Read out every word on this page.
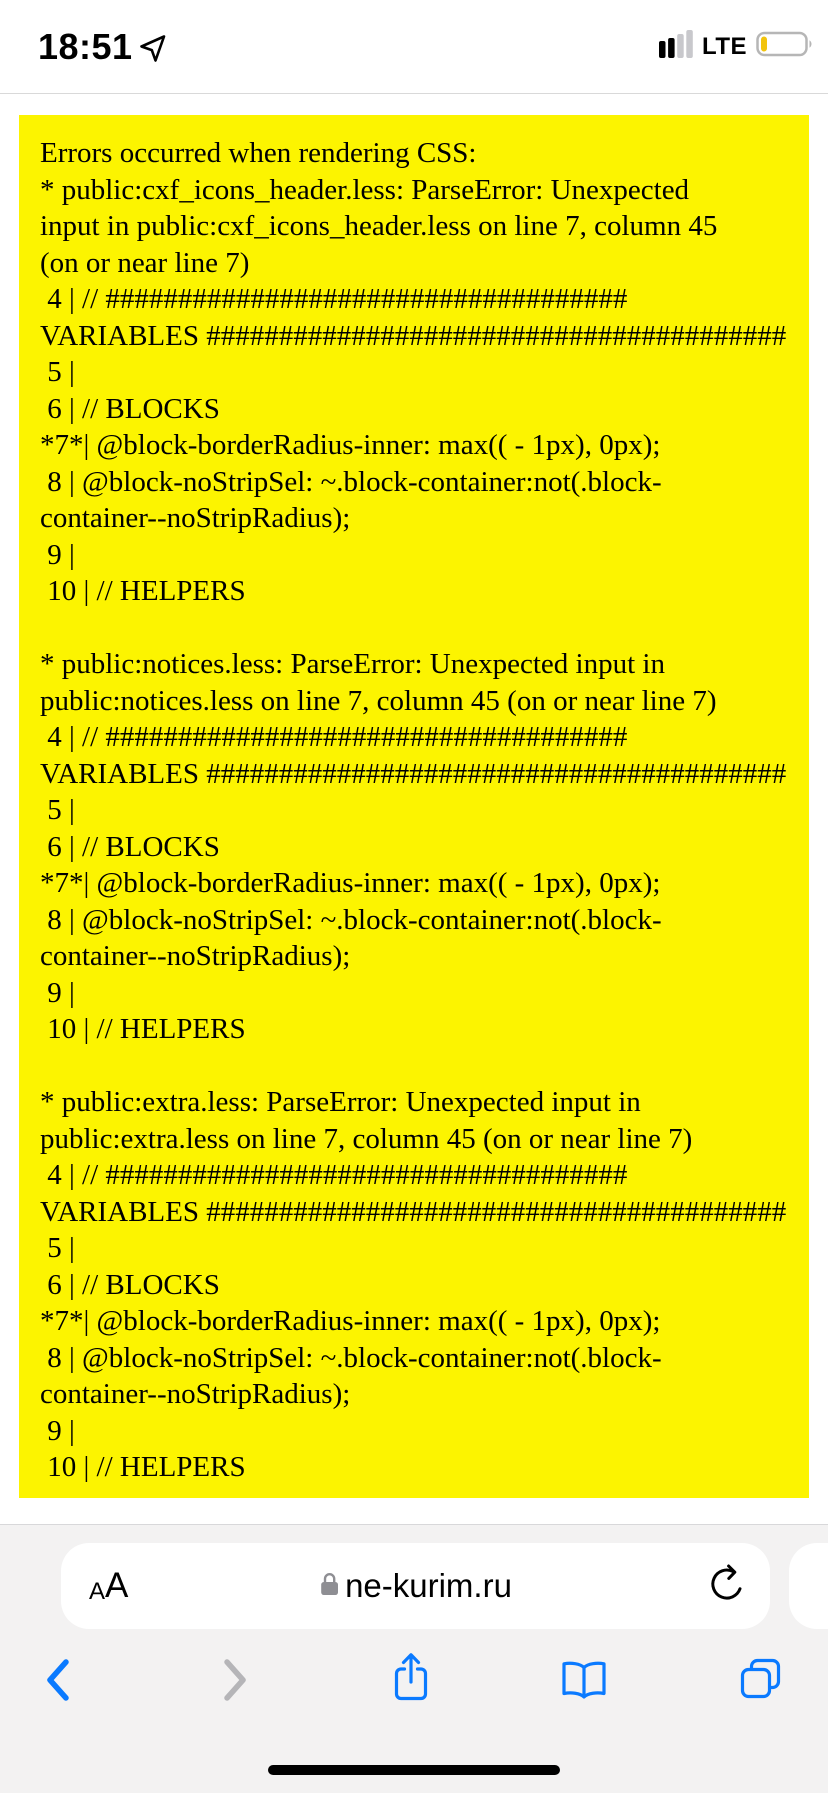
18:51	LTE
Errors occurred when rendering CSS:
* public:cxf_icons_header.less: ParseError: Unexpected
input in public:cxf_icons_header.less on line 7, column 45
(on or near line 7)
4 | // ####################################
VARIABLES ########################################
5 |
6 | // BLOCKS
*7*| @block-borderRadius-inner: max(( - 1px), 0px);
8 | @block-noStripSel: ~.block-container:not(.block-
container--noStripRadius);
9 |
10 | // HELPERS
* public:notices.less: ParseError: Unexpected input in
public:notices.less on line 7, column 45 (on or near line 7)
4 | // ####################################
VARIABLES ########################################
5 |
6 | // BLOCKS
*7*| @block-borderRadius-inner: max(( - 1px), 0px);
8 | @block-noStripSel: ~.block-container:not(.block-
container--noStripRadius);
9 |
10 | // HELPERS
* public:extra.less: ParseError: Unexpected input in
public:extra.less on line 7, column 45 (on or near line 7)
4 | // ####################################
VARIABLES ########################################
5 |
6 | // BLOCKS
*7*| @block-borderRadius-inner: max(( - 1px), 0px);
8 | @block-noStripSel: ~.block-container:not(.block-
container--noStripRadius);
9 |
10 | // HELPERS
A A	ne-kurim.ru
